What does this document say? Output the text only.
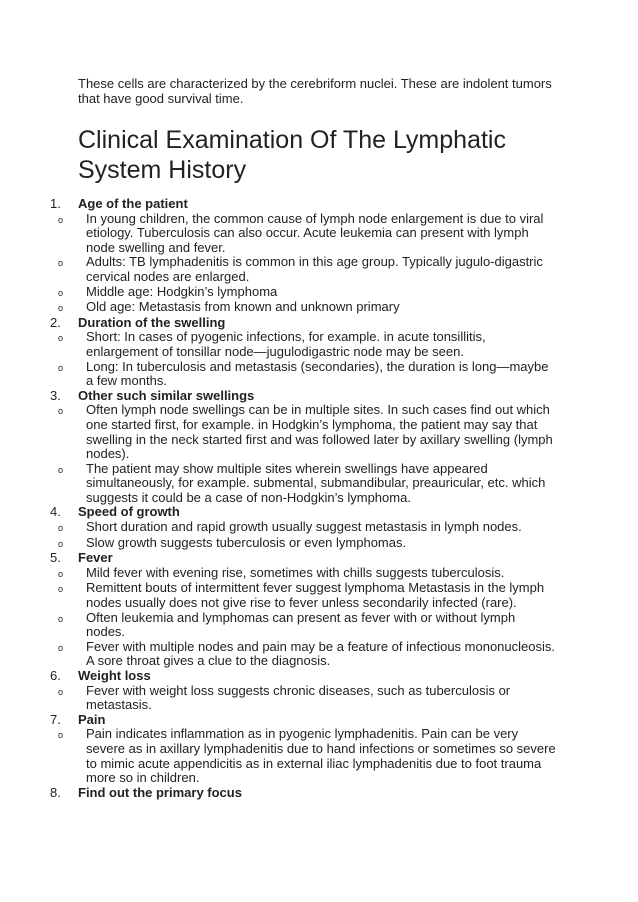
These cells are characterized by the cerebriform nuclei. These are indolent tumors that have good survival time.

Clinical Examination Of The Lymphatic System History
1.	Age of the patient
o	In young children, the common cause of lymph node enlargement is due to viral etiology. Tuberculosis can also occur. Acute leukemia can present with lymph node swelling and fever.
o	Adults: TB lymphadenitis is common in this age group. Typically jugulo-digastric cervical nodes are enlarged.
o	Middle age: Hodgkin’s lymphoma
o	Old age: Metastasis from known and unknown primary
2.	Duration of the swelling
o	Short: In cases of pyogenic infections, for example. in acute tonsillitis, enlargement of tonsillar node—jugulodigastric node may be seen.
o	Long: In tuberculosis and metastasis (secondaries), the duration is long—maybe a few months.
3.	Other such similar swellings
o	Often lymph node swellings can be in multiple sites. In such cases find out which one started first, for example. in Hodgkin’s lymphoma, the patient may say that swelling in the neck started first and was followed later by axillary swelling (lymph nodes).
o	The patient may show multiple sites wherein swellings have appeared simultaneously, for example. submental, submandibular, preauricular, etc. which suggests it could be a case of non-Hodgkin’s lymphoma.
4.	Speed of growth
o	Short duration and rapid growth usually suggest metastasis in lymph nodes.
o	Slow growth suggests tuberculosis or even lymphomas.
5.	Fever
o	Mild fever with evening rise, sometimes with chills suggests tuberculosis.
o	Remittent bouts of intermittent fever suggest lymphoma Metastasis in the lymph nodes usually does not give rise to fever unless secondarily infected (rare).
o	Often leukemia and lymphomas can present as fever with or without lymph nodes.
o	Fever with multiple nodes and pain may be a feature of infectious mononucleosis. A sore throat gives a clue to the diagnosis.
6.	Weight loss
o	Fever with weight loss suggests chronic diseases, such as tuberculosis or metastasis.
7.	Pain
o	Pain indicates inflammation as in pyogenic lymphadenitis. Pain can be very severe as in axillary lymphadenitis due to hand infections or sometimes so severe to mimic acute appendicitis as in external iliac lymphadenitis due to foot trauma more so in children.
8.	Find out the primary focus
